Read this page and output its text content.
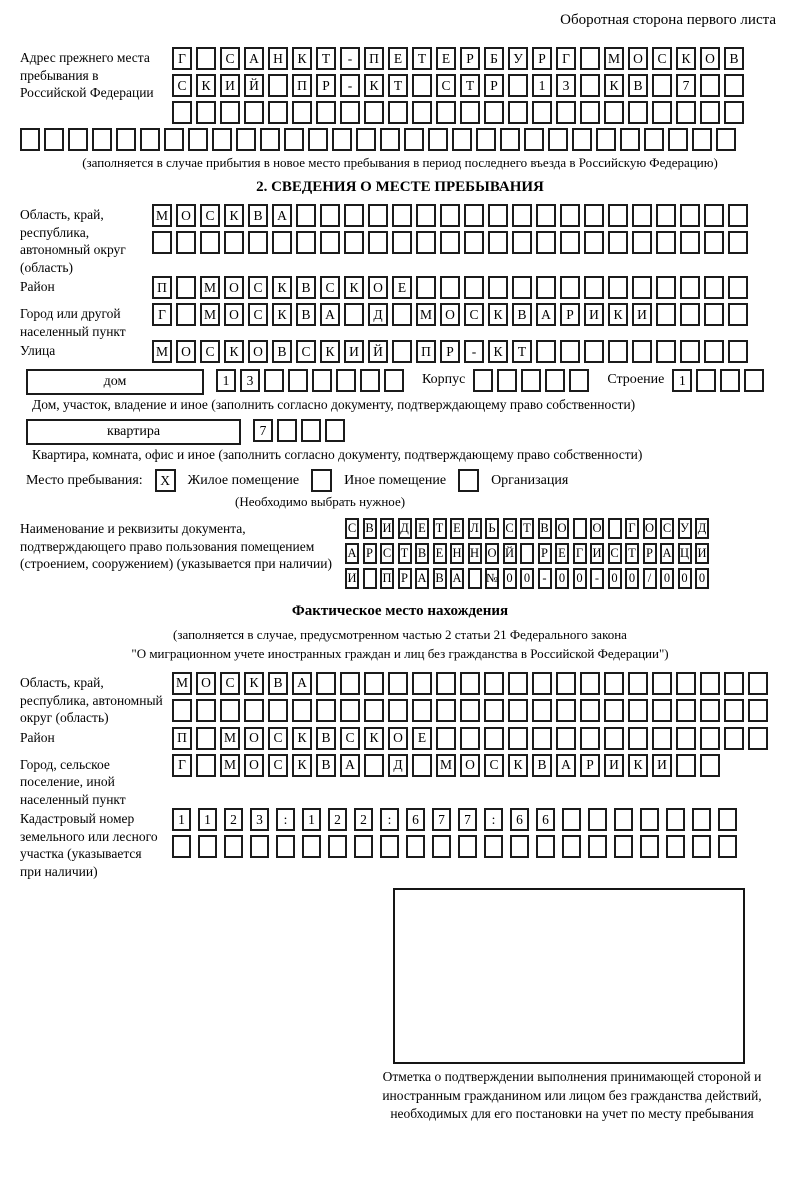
Оборотная сторона первого листа
Адрес прежнего места пребывания в Российской Федерации
Г	С	А	Н	К	Т	-	П	Е	Т	Е	Р	Б	У	Р	Г	М О	С	К	О	В
С	К	И	Й	П	Р	-	К	Т	С	Т	Р	1	3	К	В	7
(заполняется в случае прибытия в новое место пребывания в период последнего въезда в Российскую Федерацию)
2. СВЕДЕНИЯ О МЕСТЕ ПРЕБЫВАНИЯ
Область, край, республика, автономный округ (область)
М О	С	К	В	А
Район	П	М О	С	К	В	С	К	О	Е
Город или другой населенный пункт
Г	М О	С	К	В	А	Д	М О	С	К	В	А	Р	И	К	И
Улица	М О	С	К	О	В	С	К	И	Й	П	Р	-	К	Т
дом	1	3	Корпус	Строение	1
Дом, участок, владение и иное (заполнить согласно документу, подтверждающему право собственности)
квартира	7
Квартира, комната, офис и иное (заполнить согласно документу, подтверждающему право собственности)
Место пребывания:	X	Жилое помещение	Иное помещение	Организация
(Необходимо выбрать нужное)
Наименование и реквизиты документа, подтверждающего право пользования помещением (строением, сооружением) (указывается при наличии)
С В И Д Е Т Е Л Ь С Т В О О Г О С У Д
А Р С Т В Е Н Н О Й Р Е Г И С Т Р А Ц И
И П Р А В А № 0 0 - 0 0 - 0 0	/	0 0 0
Фактическое место нахождения
(заполняется в случае, предусмотренном частью 2 статьи 21 Федерального закона
"О миграционном учете иностранных граждан и лиц без гражданства в Российской Федерации")
Область, край, республика, автономный округ (область)
М О	С	К	В	А
Район	П	М О	С	К	В	С	К	О	Е
Город, сельское поселение, иной населенный пункт
Г	М О	С	К	В	А	Д	М О	С	К	В	А	Р	И	К	И
Кадастровый номер земельного или лесного участка (указывается при наличии)
1	1	2	3	:	1	2	2	:	6	7	7	:	6	6
Отметка о подтверждении выполнения принимающей стороной и иностранным гражданином или лицом без гражданства действий, необходимых для его постановки на учет по месту пребывания
